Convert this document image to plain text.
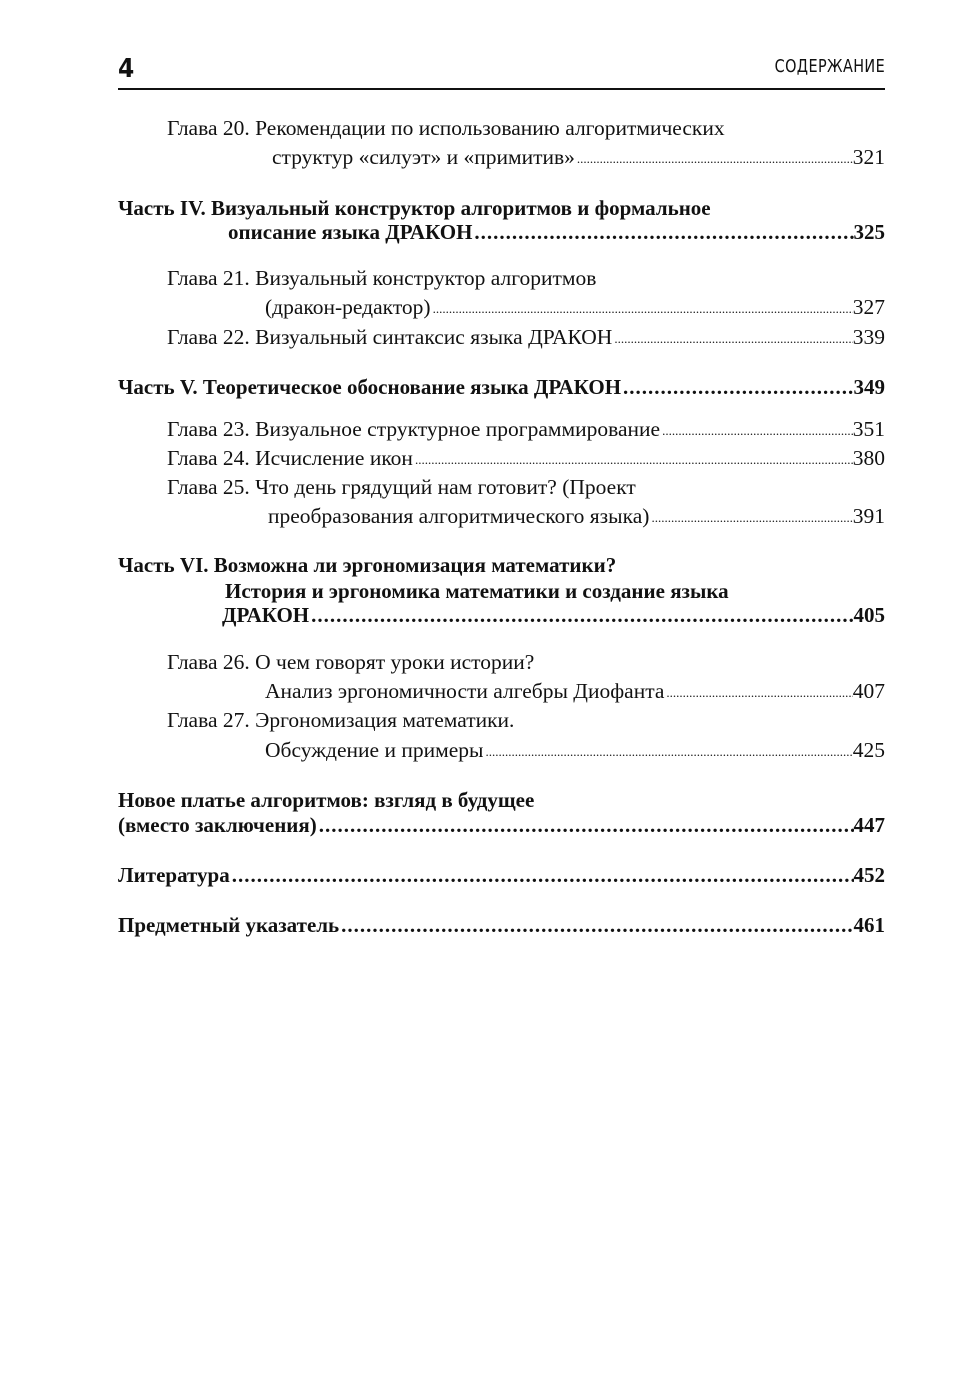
4	СОДЕРЖАНИЕ
Глава 20. Рекомендации по использованию алгоритмических
структур «силуэт» и «примитив» .....	321
Часть IV. Визуальный конструктор алгоритмов и формальное
описание языка ДРАКОН .....	325
Глава 21. Визуальный конструктор алгоритмов
(дракон-редактор) .....	327
Глава 22. Визуальный синтаксис языка ДРАКОН .....	339
Часть V. Теоретическое обоснование языка ДРАКОН .....	349
Глава 23. Визуальное структурное программирование .....	351
Глава 24. Исчисление икон .....	380
Глава 25. Что день грядущий нам готовит? (Проект
преобразования алгоритмического языка) .....	391
Часть VI. Возможна ли эргономизация математики?
История и эргономика математики и создание языка
ДРАКОН .....	405
Глава 26. О чем говорят уроки истории?
Анализ эргономичности алгебры Диофанта .....	407
Глава 27. Эргономизация математики.
Обсуждение и примеры .....	425
Новое платье алгоритмов: взгляд в будущее
(вместо заключения) .....	447
Литература .....	452
Предметный указатель .....	461
